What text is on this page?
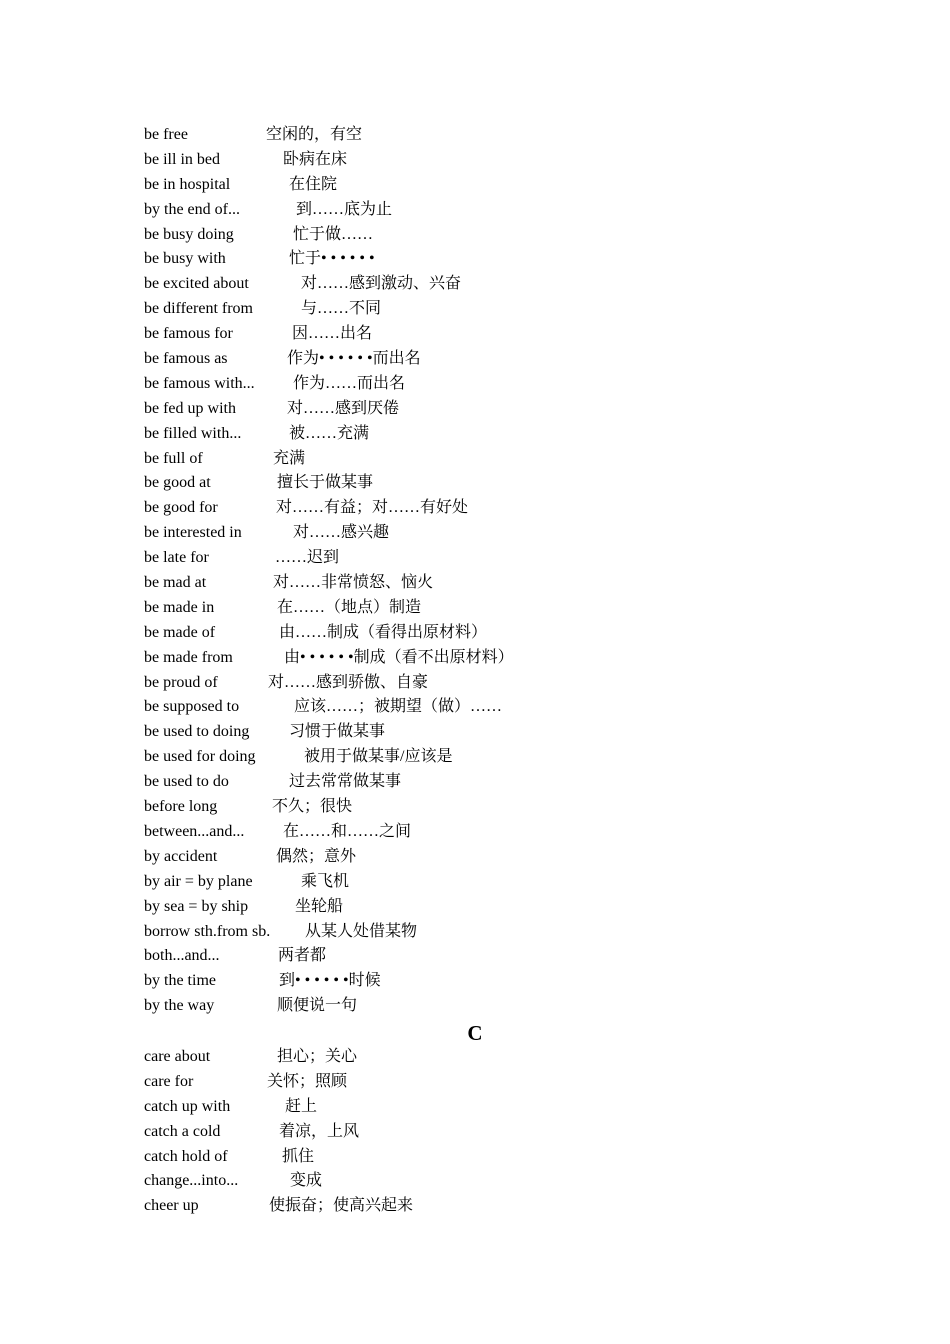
be free	空闲的，有空
be ill in bed	卧病在床
be in hospital	在住院
by the end of...	到……底为止
be busy doing	忙于做……
be busy with	忙于• • • • • •
be excited about	对……感到激动、兴奋
be different from	与……不同
be famous for	因……出名
be famous as	作为• • • • • •而出名
be famous with... 作为……而出名
be fed up with	对……感到厌倦
be filled with...	被……充满
be full of	充满
be good at	擅长于做某事
be good for	对……有益；对……有好处
be interested in	对……感兴趣
be late for	……迟到
be mad at	对……非常愤怒、恼火
be made in	在……（地点）制造
be made of	由……制成（看得出原材料）
be made from	由• • • • • •制成（看不出原材料）
be proud of	对……感到骄傲、自豪
be supposed to	应该……；被期望（做）……
be used to doing 习惯于做某事
be used for doing	被用于做某事/应该是
be used to do	过去常常做某事
before long	不久；很快
between...and... 在……和……之间
by accident	偶然；意外
by air = by plane	乘飞机
by sea = by ship	坐轮船
borrow sth.from sb. 从某人处借某物
both...and...	两者都
by the time	到• • • • • •时候
by the way	顺便说一句
C
care about	担心；关心
care for	关怀；照顾
catch up with	赶上
catch a cold	着凉，上风
catch hold of	抓住
change...into...	变成
cheer up	使振奋；使高兴起来
